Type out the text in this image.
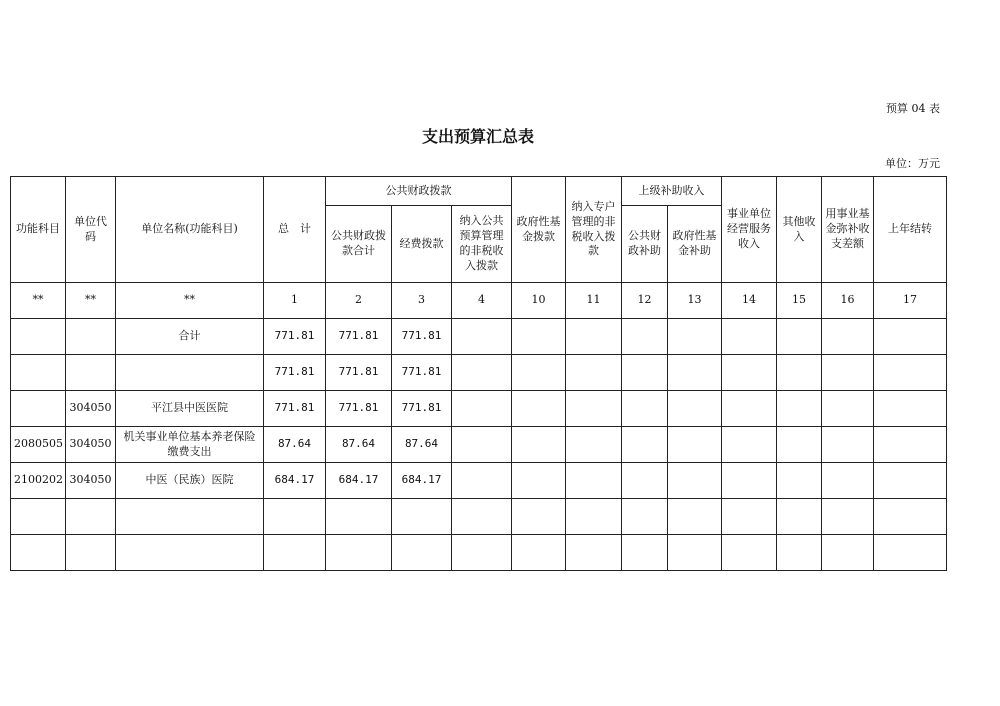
预算 04 表
支出预算汇总表
单位：万元
功能科目	单位代码	单位名称(功能科目)	总　计	公共财政拨款			政府性基金拨款	纳入专户管理的非税收入拨款	上级补助收入		事业单位经营服务收入	其他收入	用事业基金弥补收支差额	上年结转
				公共财政拨款合计	经费拨款	纳入公共预算管理的非税收入拨款			公共财政补助	政府性基金补助				
**	**	**	1	2	3	4	10	11	12	13	14	15	16	17
		合计	771.81	771.81	771.81									
			771.81	771.81	771.81									
	304050	平江县中医医院	771.81	771.81	771.81									
2080505	304050	机关事业单位基本养老保险缴费支出	87.64	87.64	87.64									
2100202	304050	中医（民族）医院	684.17	684.17	684.17									
